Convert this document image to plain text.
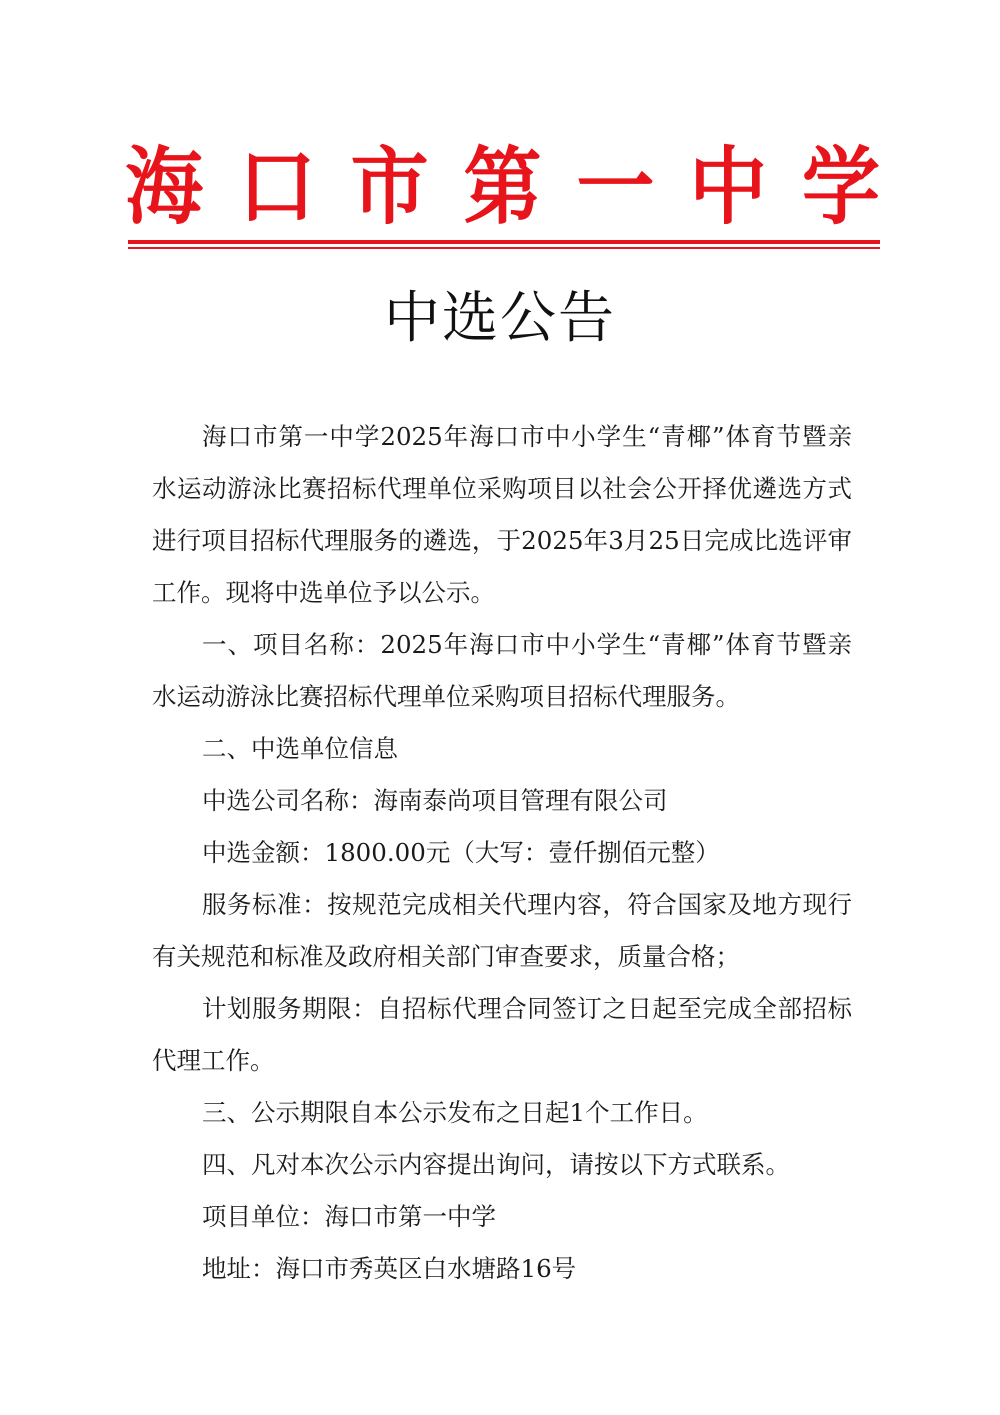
海 口 市 第 一 中 学
中选公告

海口市第一中学2025年海口市中小学生“青椰”体育节暨亲水运动游泳比赛招标代理单位采购项目以社会公开择优遴选方式进行项目招标代理服务的遴选，于2025年3月25日完成比选评审工作。现将中选单位予以公示。

一、项目名称：2025年海口市中小学生“青椰”体育节暨亲水运动游泳比赛招标代理单位采购项目招标代理服务。

二、中选单位信息

中选公司名称：海南泰尚项目管理有限公司

中选金额：1800.00元（大写：壹仟捌佰元整）

服务标准：按规范完成相关代理内容，符合国家及地方现行有关规范和标准及政府相关部门审查要求，质量合格；

计划服务期限：自招标代理合同签订之日起至完成全部招标代理工作。

三、公示期限自本公示发布之日起1个工作日。

四、凡对本次公示内容提出询问，请按以下方式联系。

项目单位：海口市第一中学

地址：海口市秀英区白水塘路16号
